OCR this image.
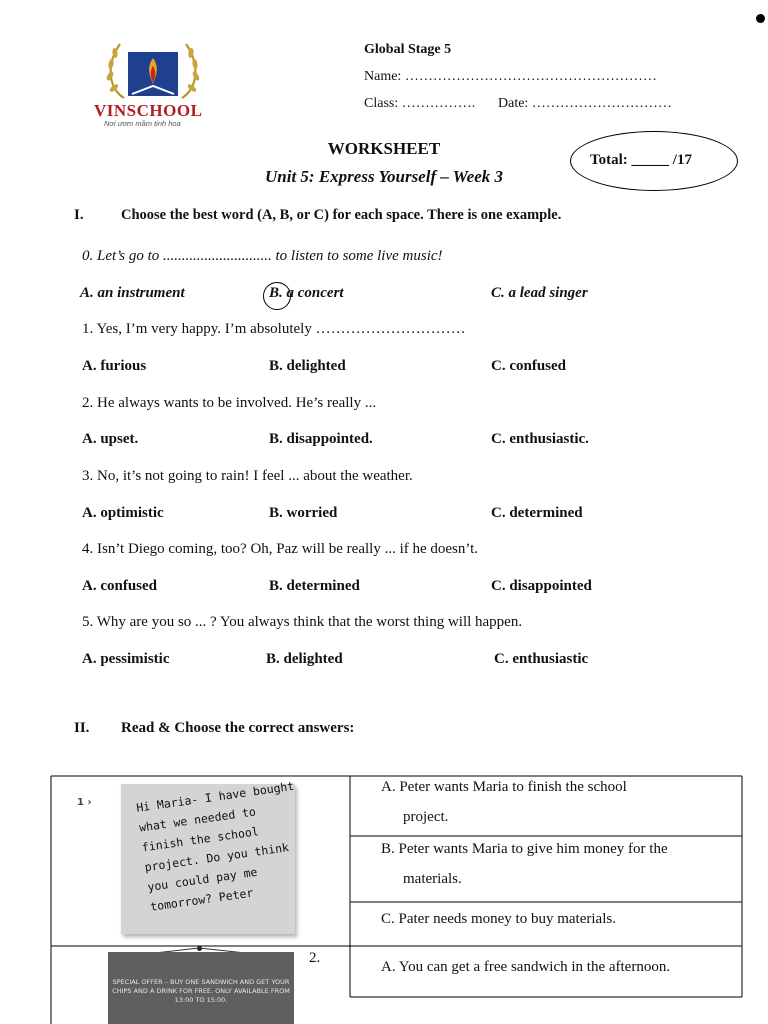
VINSCHOOL
Nơi ươm mầm tinh hoa
Global Stage 5
Name: ………………………………………………
Class: ……………. Date: …………………………
WORKSHEET
Unit 5: Express Yourself – Week 3
Total: _____ /17
I.	Choose the best word (A, B, or C) for each space. There is one example.
0. Let’s go to ............................. to listen to some live music!
A. an instrument	B. a concert	C. a lead singer
1. Yes, I’m very happy. I’m absolutely …………………………
A. furious	B. delighted	C. confused
2. He always wants to be involved. He’s really ...
A. upset.	B. disappointed.	C. enthusiastic.
3. No, it’s not going to rain! I feel ... about the weather.
A. optimistic	B. worried	C. determined
4. Isn’t Diego coming, too? Oh, Paz will be really ... if he doesn’t.
A. confused	B. determined	C. disappointed
5. Why are you so ... ? You always think that the worst thing will happen.
A. pessimistic	B. delighted	C. enthusiastic
II. Read & Choose the correct answers:
1 ›	Hi Maria- I have bought what we needed to finish the school project. Do you think you could pay me tomorrow? Peter
A. Peter wants Maria to finish the school
project.
B. Peter wants Maria to give him money for the
materials.
C. Pater needs money to buy materials.
2.
SPECIAL OFFER – BUY ONE SANDWICH AND GET YOUR CHIPS AND A DRINK FOR FREE. ONLY AVAILABLE FROM 13:00 TO 15:00.
A. You can get a free sandwich in the afternoon.
